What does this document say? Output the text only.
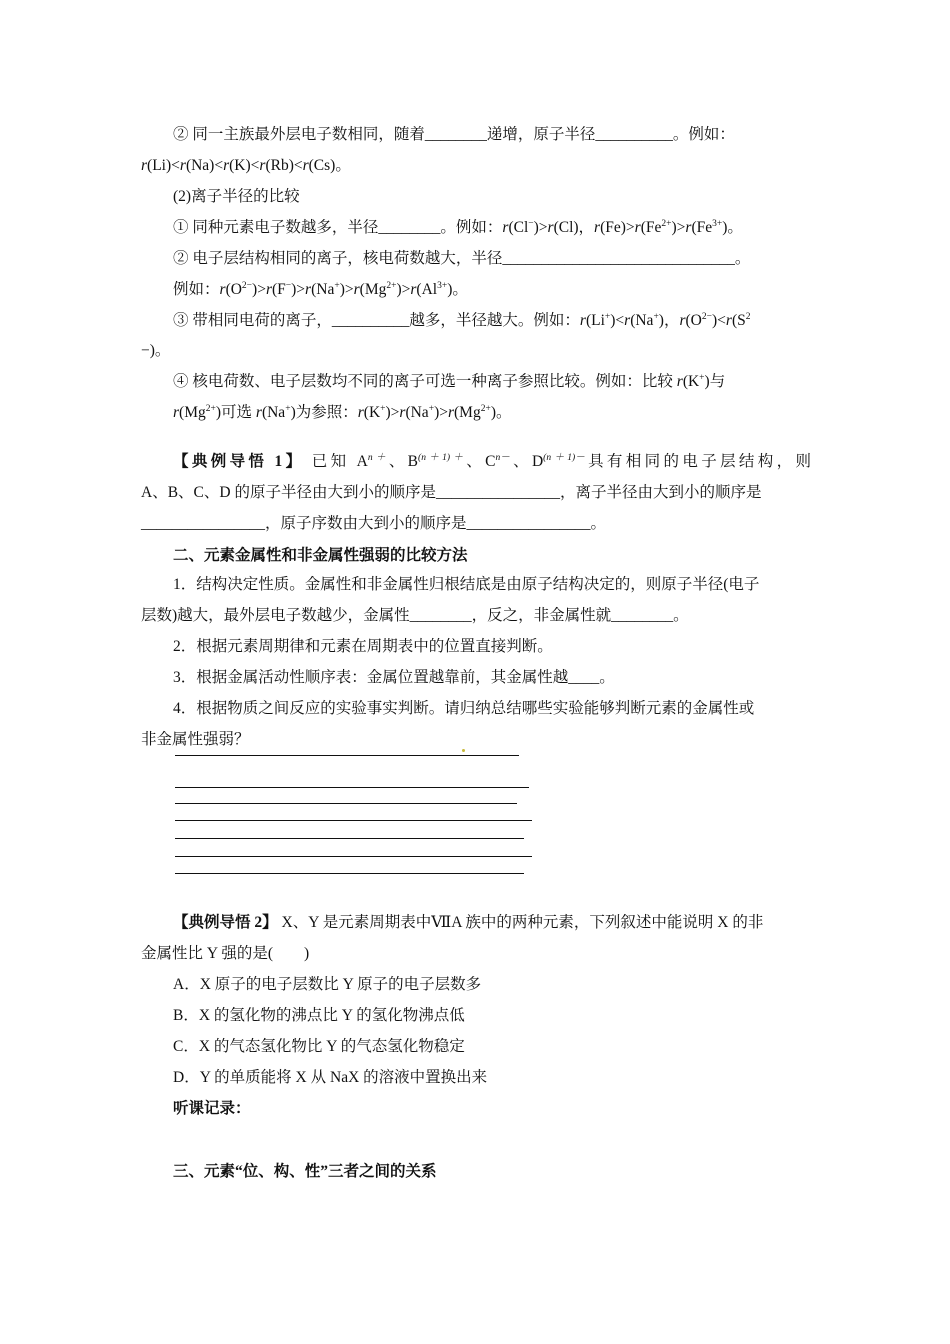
② 同一主族最外层电子数相同，随着________递增，原子半径__________。例如：
r(Li)<r(Na)<r(K)<r(Rb)<r(Cs)。
(2)离子半径的比较
① 同种元素电子数越多，半径________。例如：r(Cl−)>r(Cl)，$r(Fe)>r(Fe^{2+})>r(Fe^{3+})$。
② 电子层结构相同的离子，核电荷数越大，半径______________________________。
例如：$r(O^{2-})>r(F^-)>r(Na^+)>r(Mg^{2+})>r(Al^{3+})$。
③ 带相同电荷的离子，__________越多，半径越大。例如：r(Li+)<r(Na+)，$r(O^{2-})<r(S^2$
−)。
④ 核电荷数、电子层数均不同的离子可选一种离子参照比较。例如：比较 r(K+)与
$r(Mg^{2+})$可选 r(Na+)为参照：$r(K^+)>r(Na^+)>r(Mg^{2+})$。
【典例导悟 1】 已知 $A^{n+}$、$B^{(n+1)+}$、$C^{n-}$、$D^{(n+1)-}$具有相同的电子层结构，则
A、B、C、D 的原子半径由大到小的顺序是________________，离子半径由大到小的顺序是
________________，原子序数由大到小的顺序是________________。
二、元素金属性和非金属性强弱的比较方法
1．结构决定性质。金属性和非金属性归根结底是由原子结构决定的，则原子半径(电子
层数)越大，最外层电子数越少，金属性________，反之，非金属性就________。
2．根据元素周期律和元素在周期表中的位置直接判断。
3．根据金属活动性顺序表：金属位置越靠前，其金属性越____。
4．根据物质之间反应的实验事实判断。请归纳总结哪些实验能够判断元素的金属性或
非金属性强弱？
【典例导悟 2】 X、Y 是元素周期表中ⅦA 族中的两种元素，下列叙述中能说明 X 的非
金属性比 Y 强的是(　　)
A．X 原子的电子层数比 Y 原子的电子层数多
B．X 的氢化物的沸点比 Y 的氢化物沸点低
C．X 的气态氢化物比 Y 的气态氢化物稳定
D．Y 的单质能将 X 从 NaX 的溶液中置换出来
听课记录：
三、元素“位、构、性”三者之间的关系
